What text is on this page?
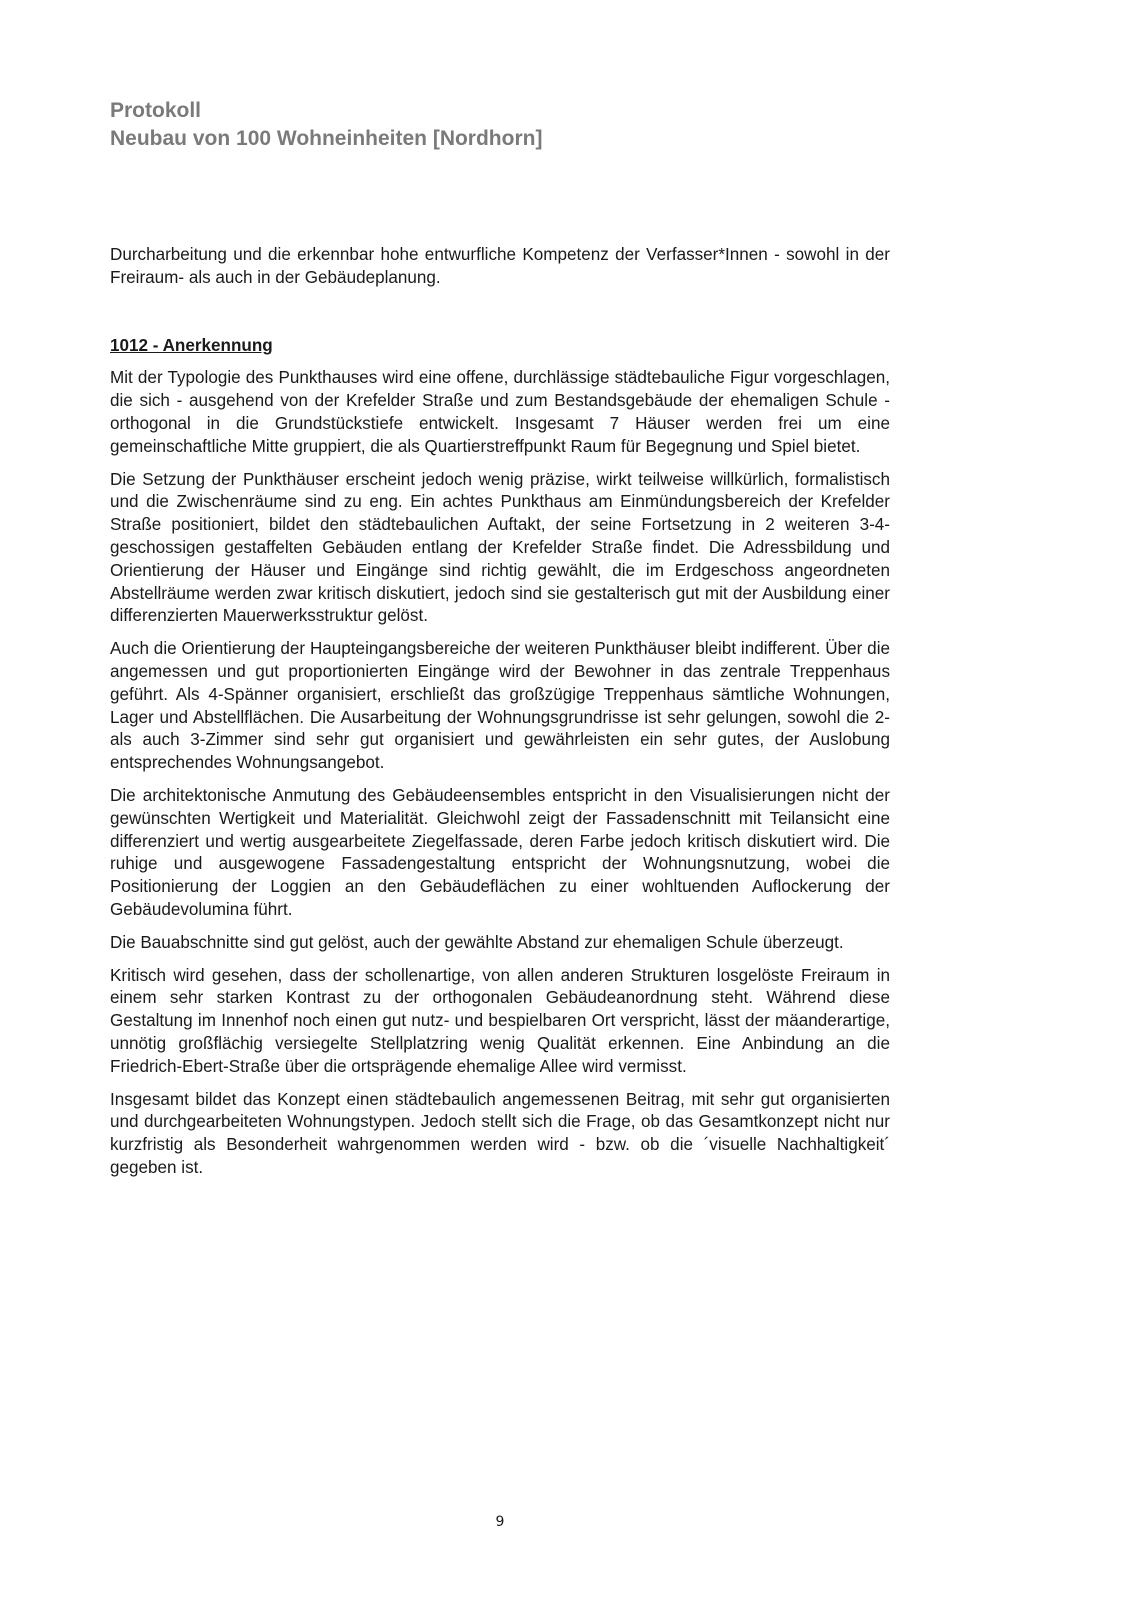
Protokoll
Neubau von 100 Wohneinheiten [Nordhorn]

Durcharbeitung und die erkennbar hohe entwurfliche Kompetenz der Verfasser*Innen - sowohl in der Freiraum- als auch in der Gebäudeplanung.

1012 - Anerkennung

Mit der Typologie des Punkthauses wird eine offene, durchlässige städtebauliche Figur vorgeschlagen, die sich - ausgehend von der Krefelder Straße und zum Bestandsgebäude der ehemaligen Schule - orthogonal in die Grundstückstiefe entwickelt. Insgesamt 7 Häuser werden frei um eine gemeinschaftliche Mitte gruppiert, die als Quartierstreffpunkt Raum für Begegnung und Spiel bietet.

Die Setzung der Punkthäuser erscheint jedoch wenig präzise, wirkt teilweise willkürlich, formalistisch und die Zwischenräume sind zu eng. Ein achtes Punkthaus am Einmündungsbereich der Krefelder Straße positioniert, bildet den städtebaulichen Auftakt, der seine Fortsetzung in 2 weiteren 3-4-geschossigen gestaffelten Gebäuden entlang der Krefelder Straße findet. Die Adressbildung und Orientierung der Häuser und Eingänge sind richtig gewählt, die im Erdgeschoss angeordneten Abstellräume werden zwar kritisch diskutiert, jedoch sind sie gestalterisch gut mit der Ausbildung einer differenzierten Mauerwerksstruktur gelöst.

Auch die Orientierung der Haupteingangsbereiche der weiteren Punkthäuser bleibt indifferent. Über die angemessen und gut proportionierten Eingänge wird der Bewohner in das zentrale Treppenhaus geführt. Als 4-Spänner organisiert, erschließt das großzügige Treppenhaus sämtliche Wohnungen, Lager und Abstellflächen. Die Ausarbeitung der Wohnungsgrundrisse ist sehr gelungen, sowohl die 2- als auch 3-Zimmer sind sehr gut organisiert und gewährleisten ein sehr gutes, der Auslobung entsprechendes Wohnungsangebot.

Die architektonische Anmutung des Gebäudeensembles entspricht in den Visualisierungen nicht der gewünschten Wertigkeit und Materialität. Gleichwohl zeigt der Fassadenschnitt mit Teilansicht eine differenziert und wertig ausgearbeitete Ziegelfassade, deren Farbe jedoch kritisch diskutiert wird. Die ruhige und ausgewogene Fassadengestaltung entspricht der Wohnungsnutzung, wobei die Positionierung der Loggien an den Gebäudeflächen zu einer wohltuenden Auflockerung der Gebäudevolumina führt.

Die Bauabschnitte sind gut gelöst, auch der gewählte Abstand zur ehemaligen Schule überzeugt.

Kritisch wird gesehen, dass der schollenartige, von allen anderen Strukturen losgelöste Freiraum in einem sehr starken Kontrast zu der orthogonalen Gebäudeanordnung steht. Während diese Gestaltung im Innenhof noch einen gut nutz- und bespielbaren Ort verspricht, lässt der mäanderartige, unnötig großflächig versiegelte Stellplatzring wenig Qualität erkennen. Eine Anbindung an die Friedrich-Ebert-Straße über die ortsprägende ehemalige Allee wird vermisst.

Insgesamt bildet das Konzept einen städtebaulich angemessenen Beitrag, mit sehr gut organisierten und durchgearbeiteten Wohnungstypen. Jedoch stellt sich die Frage, ob das Gesamtkonzept nicht nur kurzfristig als Besonderheit wahrgenommen werden wird - bzw. ob die ´visuelle Nachhaltigkeit´ gegeben ist.

9
